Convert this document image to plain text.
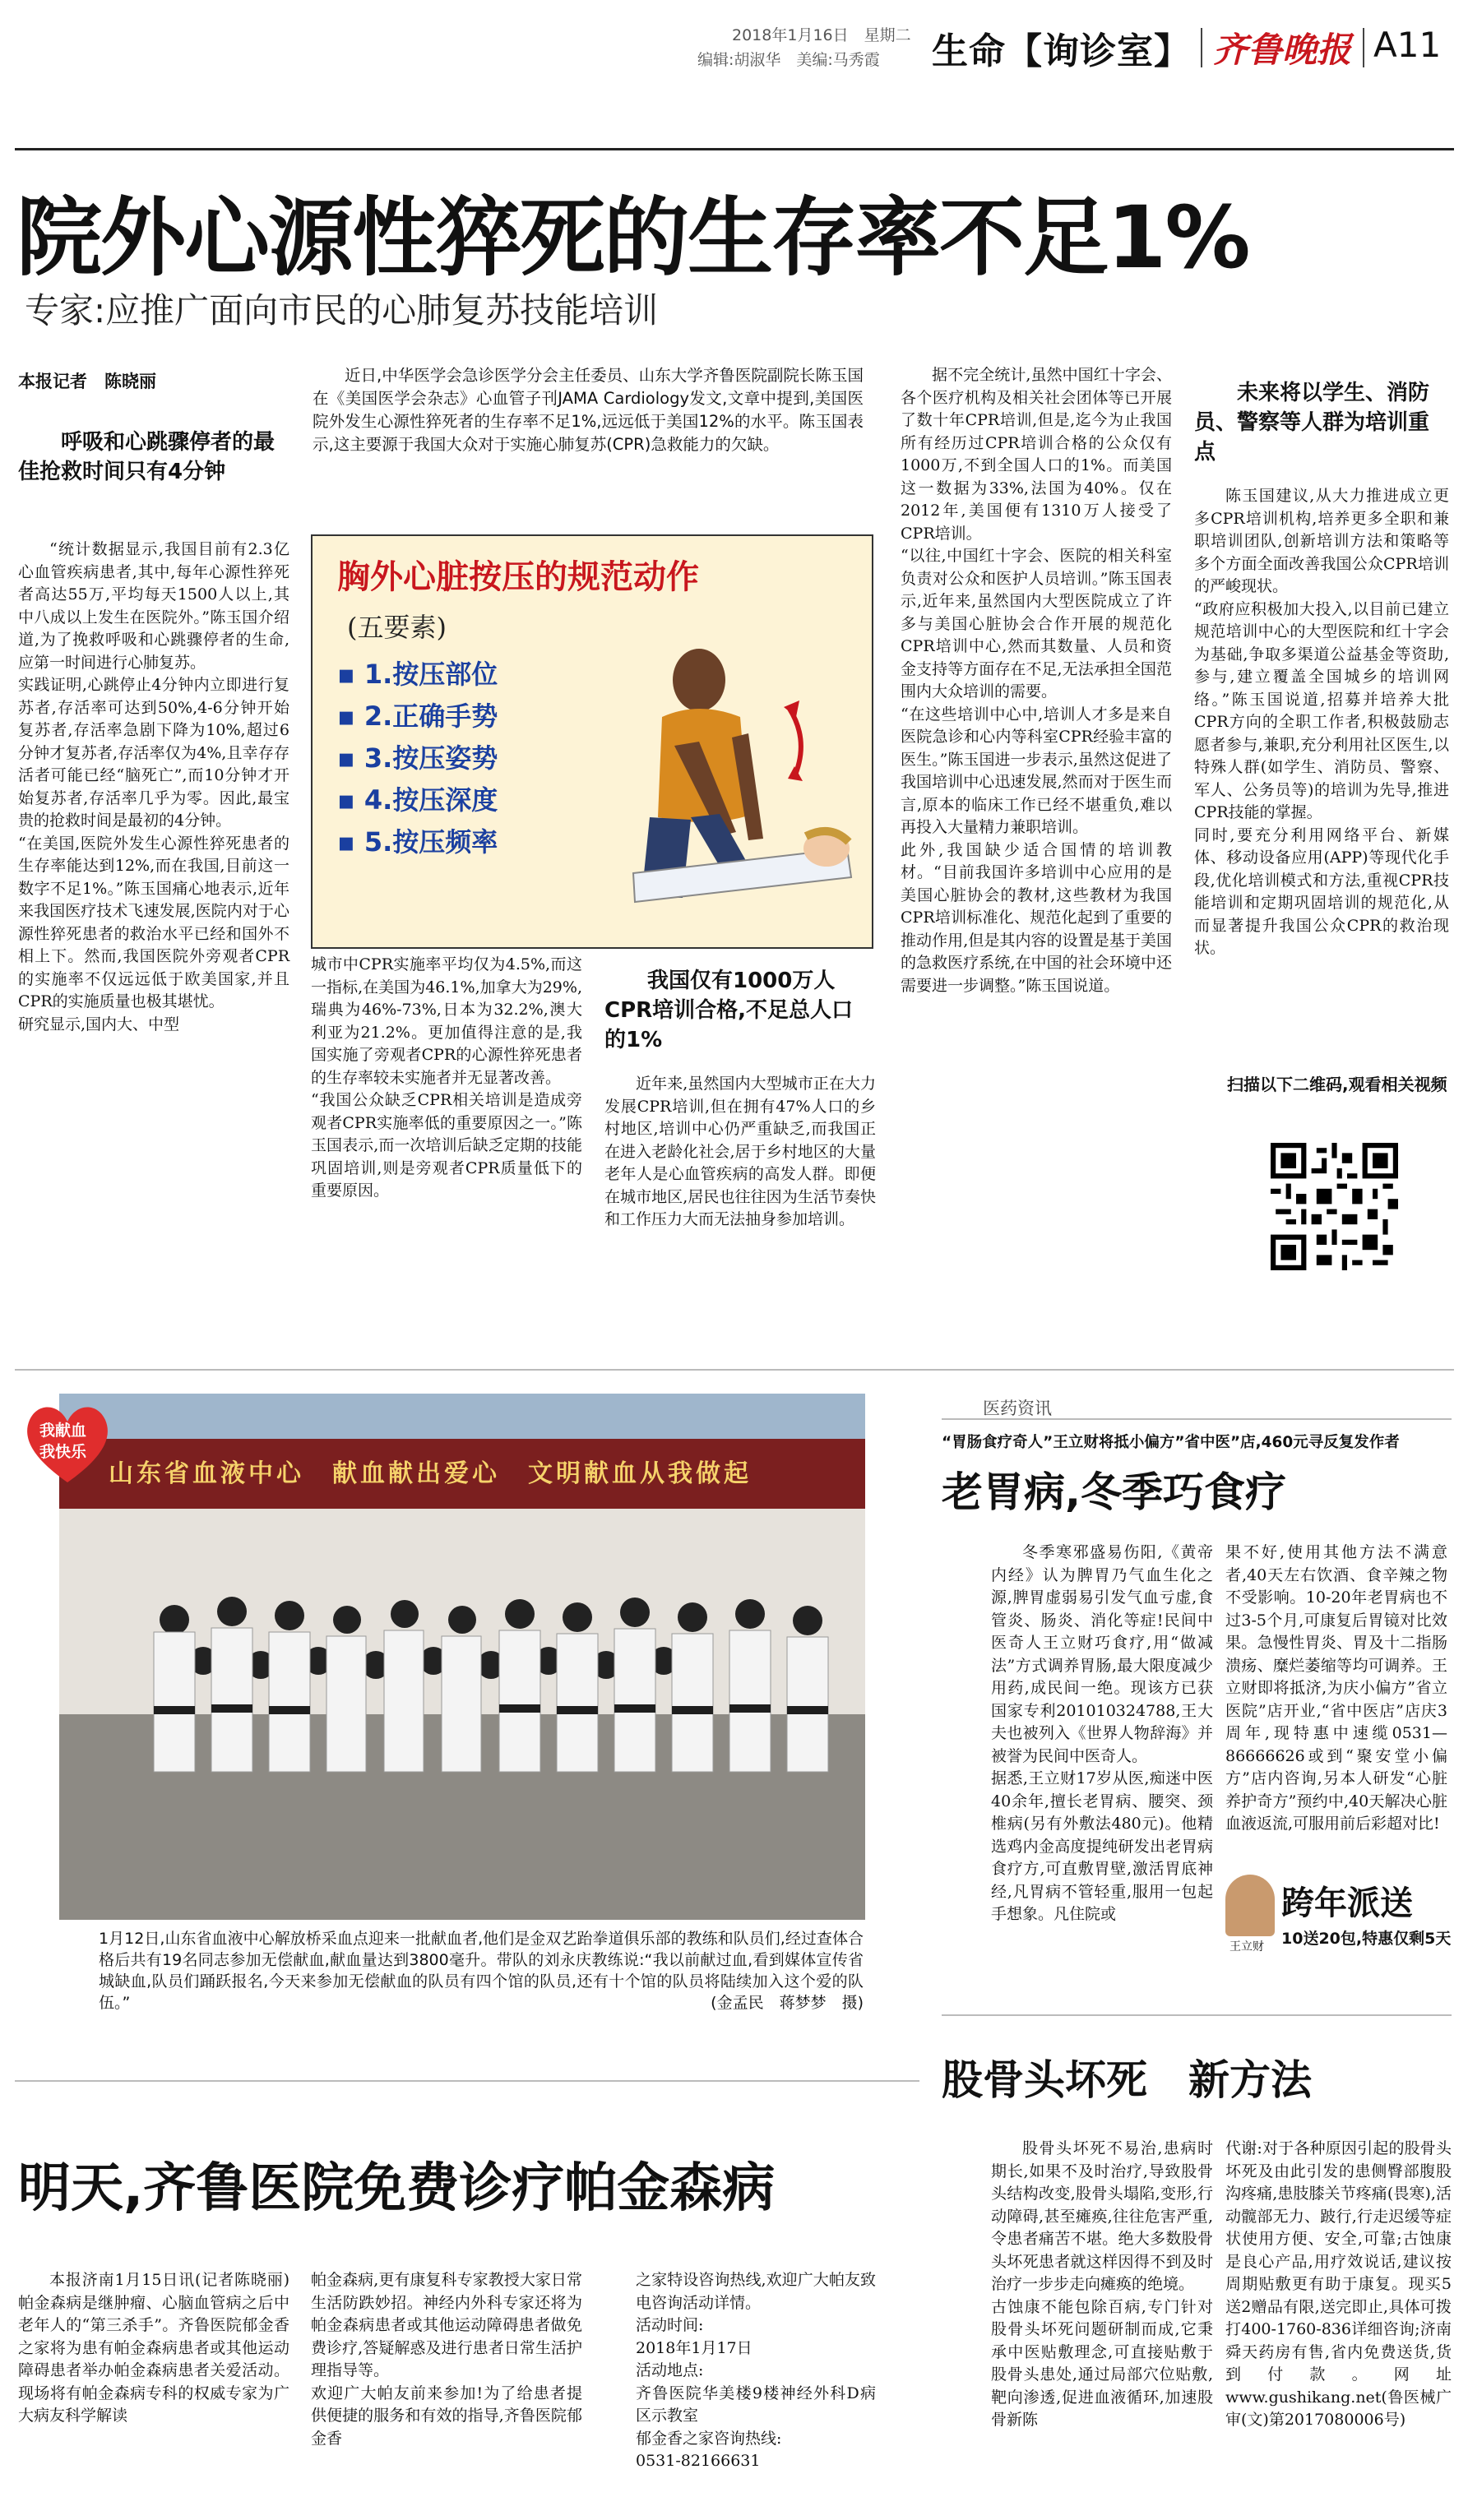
2018年1月16日　星期二
编辑:胡淑华　美编:马秀霞 生命【询诊室】 齐鲁晚报 A11
院外心源性猝死的生存率不足1%
专家:应推广面向市民的心肺复苏技能培训
本报记者　陈晓丽	近日,中华医学会急诊医学分会主任委员、山东大学齐鲁医院副院长陈玉国在《美国医学会杂志》心血管子刊JAMA Cardiology发文,文章中提到,美国医院外发生心源性猝死者的生存率不足1%,远远低于美国12%的水平。陈玉国表示,这主要源于我国大众对于实施心肺复苏(CPR)急救能力的欠缺。

呼吸和心跳骤停者的最佳抢救时间只有4分钟
“统计数据显示,我国目前有2.3亿心血管疾病患者,其中,每年心源性猝死者高达55万,平均每天1500人以上,其中八成以上发生在医院外。”陈玉国介绍道,为了挽救呼吸和心跳骤停者的生命,应第一时间进行心肺复苏。
实践证明,心跳停止4分钟内立即进行复苏者,存活率可达到50%,4-6分钟开始复苏者,存活率急剧下降为10%,超过6分钟才复苏者,存活率仅为4%,且幸存存活者可能已经“脑死亡”,而10分钟才开始复苏者,存活率几乎为零。因此,最宝贵的抢救时间是最初的4分钟。
“在美国,医院外发生心源性猝死患者的生存率能达到12%,而在我国,目前这一数字不足1%。”陈玉国痛心地表示,近年来我国医疗技术飞速发展,医院内对于心源性猝死患者的救治水平已经和国外不相上下。然而,我国医院外旁观者CPR的实施率不仅远远低于欧美国家,并且CPR的实施质量也极其堪忧。
研究显示,国内大、中型
胸外心脏按压的规范动作
(五要素)
▪ 1.按压部位
▪ 2.正确手势
▪ 3.按压姿势
▪ 4.按压深度
▪ 5.按压频率
城市中CPR实施率平均仅为4.5%,而这一指标,在美国为46.1%,加拿大为29%,瑞典为46%-73%,日本为32.2%,澳大利亚为21.2%。更加值得注意的是,我国实施了旁观者CPR的心源性猝死患者的生存率较未实施者并无显著改善。
“我国公众缺乏CPR相关培训是造成旁观者CPR实施率低的重要原因之一。”陈玉国表示,而一次培训后缺乏定期的技能巩固培训,则是旁观者CPR质量低下的重要原因。
我国仅有1000万人CPR培训合格,不足总人口的1%
近年来,虽然国内大型城市正在大力发展CPR培训,但在拥有47%人口的乡村地区,培训中心仍严重缺乏,而我国正在进入老龄化社会,居于乡村地区的大量老年人是心血管疾病的高发人群。即便在城市地区,居民也往往因为生活节奏快和工作压力大而无法抽身参加培训。
据不完全统计,虽然中国红十字会、各个医疗机构及相关社会团体等已开展了数十年CPR培训,但是,迄今为止我国所有经历过CPR培训合格的公众仅有1000万,不到全国人口的1%。而美国这一数据为33%,法国为40%。仅在2012年,美国便有1310万人接受了CPR培训。
“以往,中国红十字会、医院的相关科室负责对公众和医护人员培训。”陈玉国表示,近年来,虽然国内大型医院成立了许多与美国心脏协会合作开展的规范化CPR培训中心,然而其数量、人员和资金支持等方面存在不足,无法承担全国范围内大众培训的需要。
“在这些培训中心中,培训人才多是来自医院急诊和心内等科室CPR经验丰富的医生。”陈玉国进一步表示,虽然这促进了我国培训中心迅速发展,然而对于医生而言,原本的临床工作已经不堪重负,难以再投入大量精力兼职培训。
此外,我国缺少适合国情的培训教材。“目前我国许多培训中心应用的是美国心脏协会的教材,这些教材为我国CPR培训标准化、规范化起到了重要的推动作用,但是其内容的设置是基于美国的急救医疗系统,在中国的社会环境中还需要进一步调整。”陈玉国说道。
未来将以学生、消防员、警察等人群为培训重点
陈玉国建议,从大力推进成立更多CPR培训机构,培养更多全职和兼职培训团队,创新培训方法和策略等多个方面全面改善我国公众CPR培训的严峻现状。
“政府应积极加大投入,以目前已建立规范培训中心的大型医院和红十字会为基础,争取多渠道公益基金等资助,参与,建立覆盖全国城乡的培训网络。”陈玉国说道,招募并培养大批CPR方向的全职工作者,积极鼓励志愿者参与,兼职,充分利用社区医生,以特殊人群(如学生、消防员、警察、军人、公务员等)的培训为先导,推进CPR技能的掌握。
同时,要充分利用网络平台、新媒体、移动设备应用(APP)等现代化手段,优化培训模式和方法,重视CPR技能培训和定期巩固培训的规范化,从而显著提升我国公众CPR的救治现状。
扫描以下二维码,观看相关视频
山东省血液中心　献血献出爱心　文明献血从我做起
我献血
我快乐
1月12日,山东省血液中心解放桥采血点迎来一批献血者,他们是金双艺跆拳道俱乐部的教练和队员们,经过查体合格后共有19名同志参加无偿献血,献血量达到3800毫升。带队的刘永庆教练说:“我以前献过血,看到媒体宣传省城缺血,队员们踊跃报名,今天来参加无偿献血的队员有四个馆的队员,还有十个馆的队员将陆续加入这个爱的队伍。”	(金孟民　蒋梦梦　摄)
医药资讯
“胃肠食疗奇人”王立财将抵小偏方”省中医”店,460元寻反复发作者
老胃病,冬季巧食疗
冬季寒邪盛易伤阳,《黄帝内经》认为脾胃乃气血生化之源,脾胃虚弱易引发气血亏虚,食管炎、肠炎、消化等症!民间中医奇人王立财巧食疗,用“做减法”方式调养胃肠,最大限度减少用药,成民间一绝。现该方已获国家专利201010324788,王大夫也被列入《世界人物辞海》并被誉为民间中医奇人。
据悉,王立财17岁从医,痴迷中医40余年,擅长老胃病、腰突、颈椎病(另有外敷法480元)。他精选鸡内金高度提纯研发出老胃病食疗方,可直敷胃壁,激活胃底神经,凡胃病不管轻重,服用一包起手想象。凡住院或
果不好,使用其他方法不满意者,40天左右饮酒、食辛辣之物不受影响。10-20年老胃病也不过3-5个月,可康复后胃镜对比效果。急慢性胃炎、胃及十二指肠溃疡、糜烂萎缩等均可调养。王立财即将抵济,为庆小偏方”省立医院”店开业,“省中医店”店庆3周年,现特惠中速缆0531—86666626或到“聚安堂小偏方”店内咨询,另本人研发“心脏养护奇方”预约中,40天解决心脏血液返流,可服用前后彩超对比!
王立财
跨年派送
10送20包,特惠仅剩5天
股骨头坏死　新方法
股骨头坏死不易治,患病时期长,如果不及时治疗,导致股骨头结构改变,股骨头塌陷,变形,行动障碍,甚至瘫痪,往往危害严重,令患者痛苦不堪。绝大多数股骨头坏死患者就这样因得不到及时治疗一步步走向瘫痪的绝境。
古蚀康不能包除百病,专门针对股骨头坏死问题研制而成,它秉承中医贴敷理念,可直接贴敷于股骨头患处,通过局部穴位贴敷,靶向渗透,促进血液循环,加速股骨新陈
代谢:对于各种原因引起的股骨头坏死及由此引发的患侧臀部腹股沟疼痛,患肢膝关节疼痛(畏寒),活动髋部无力、跛行,行走迟缓等症状使用方便、安全,可靠;古蚀康是良心产品,用疗效说话,建议按周期贴敷更有助于康复。现买5送2赠品有限,送完即止,具体可拨打400-1760-836详细咨询;济南舜天药房有售,省内免费送货,货到付款。网址www.gushikang.net(鲁医械广审(文)第2017080006号)
明天,齐鲁医院免费诊疗帕金森病
本报济南1月15日讯(记者陈晓丽)　帕金森病是继肿瘤、心脑血管病之后中老年人的“第三杀手”。齐鲁医院郁金香之家将为患有帕金森病患者或其他运动障碍患者举办帕金森病患者关爱活动。现场将有帕金森病专科的权威专家为广大病友科学解读
帕金森病,更有康复科专家教授大家日常生活防跌妙招。神经内外科专家还将为帕金森病患者或其他运动障碍患者做免费诊疗,答疑解惑及进行患者日常生活护理指导等。
欢迎广大帕友前来参加!为了给患者提供便捷的服务和有效的指导,齐鲁医院郁金香
之家特设咨询热线,欢迎广大帕友致电咨询活动详情。
活动时间:
2018年1月17日
活动地点:
齐鲁医院华美楼9楼神经外科D病区示教室
郁金香之家咨询热线:
0531-82166631
